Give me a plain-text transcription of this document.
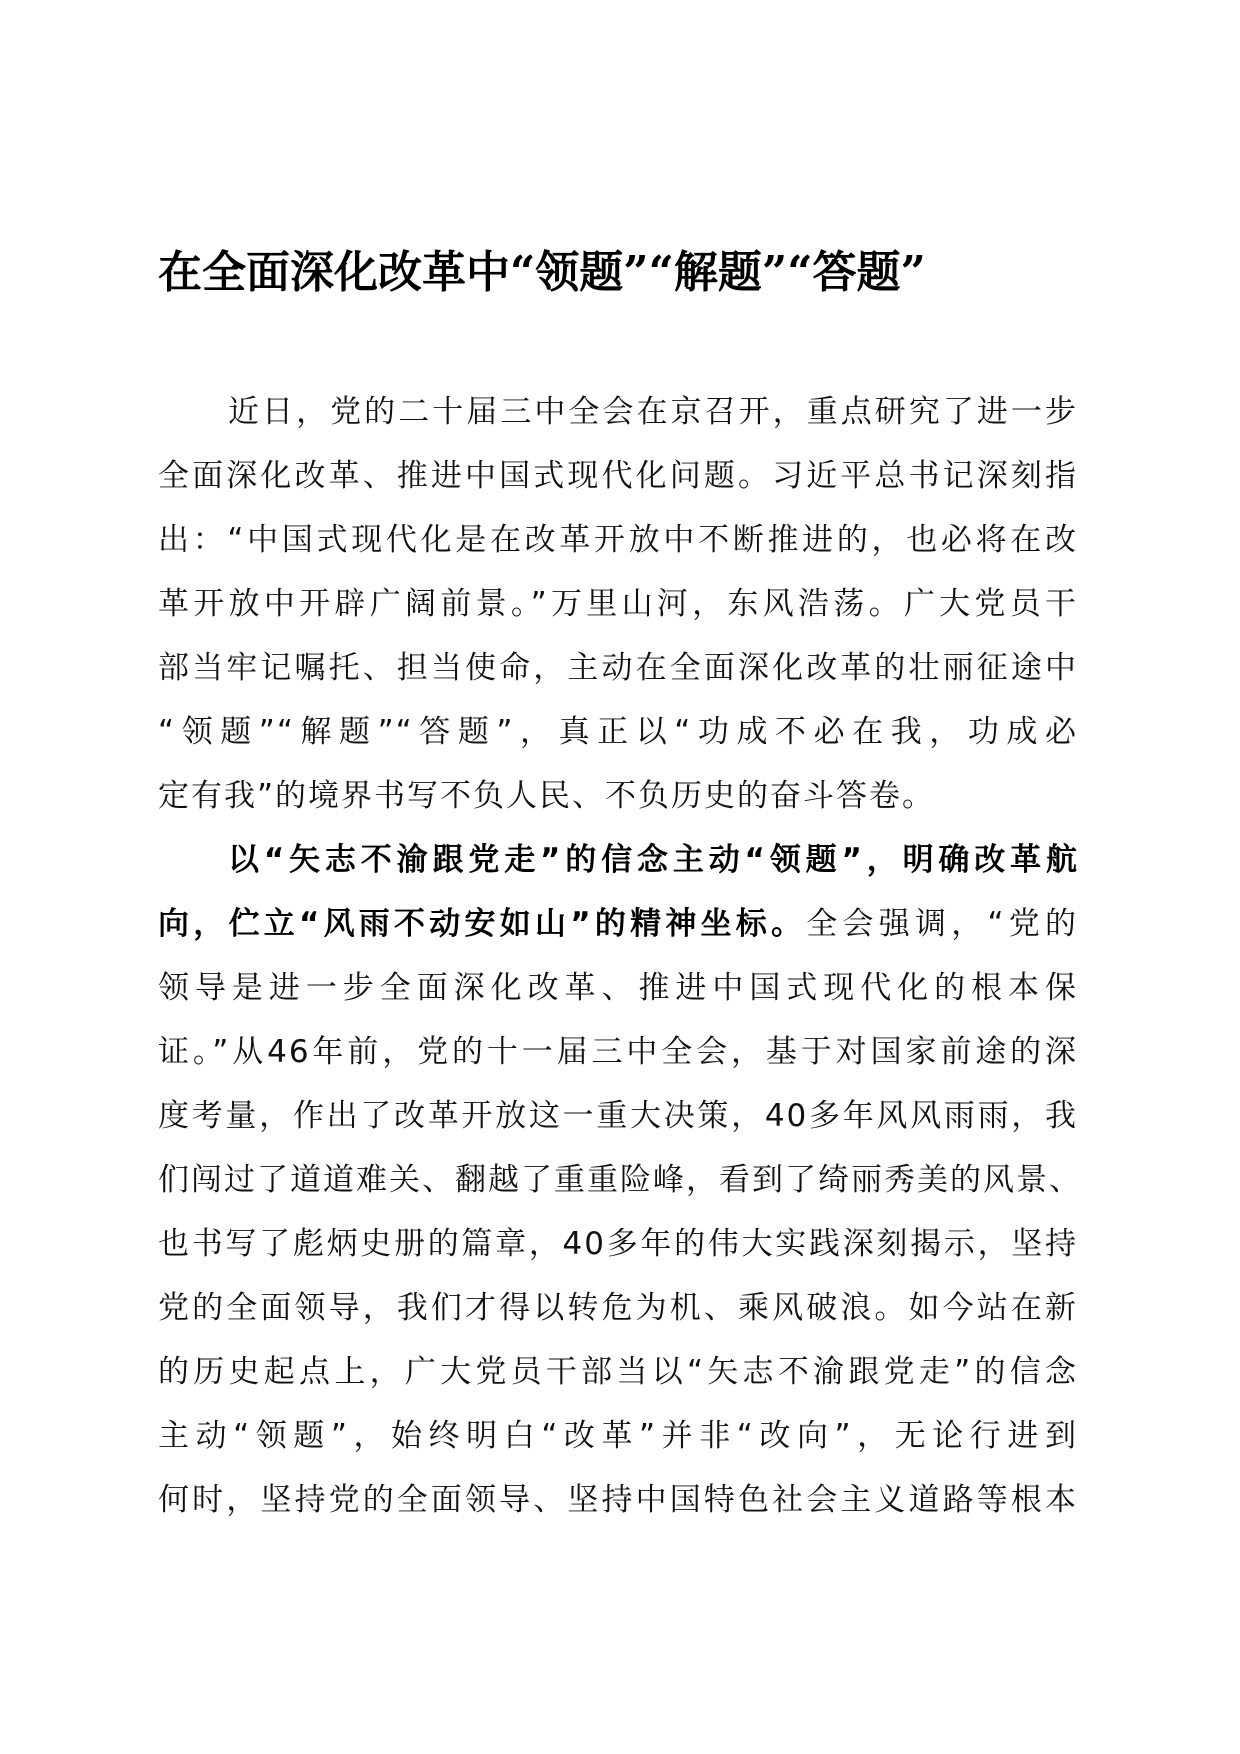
在全面深化改革中“领题”“解题”“答题”
近日，党的二十届三中全会在京召开，重点研究了进一步
全面深化改革、推进中国式现代化问题。习近平总书记深刻指
出：“中国式现代化是在改革开放中不断推进的，也必将在改
革开放中开辟广阔前景。”万里山河，东风浩荡。广大党员干
部当牢记嘱托、担当使命，主动在全面深化改革的壮丽征途中
“领题”“解题”“答题”，真正以“功成不必在我，功成必
定有我”的境界书写不负人民、不负历史的奋斗答卷。
以“矢志不渝跟党走”的信念主动“领题”，明确改革航
向，伫立“风雨不动安如山”的精神坐标。全会强调，“党的
领导是进一步全面深化改革、推进中国式现代化的根本保
证。”从46年前，党的十一届三中全会，基于对国家前途的深
度考量，作出了改革开放这一重大决策，40多年风风雨雨，我
们闯过了道道难关、翻越了重重险峰，看到了绮丽秀美的风景、
也书写了彪炳史册的篇章，40多年的伟大实践深刻揭示，坚持
党的全面领导，我们才得以转危为机、乘风破浪。如今站在新
的历史起点上，广大党员干部当以“矢志不渝跟党走”的信念
主动“领题”，始终明白“改革”并非“改向”，无论行进到
何时，坚持党的全面领导、坚持中国特色社会主义道路等根本
